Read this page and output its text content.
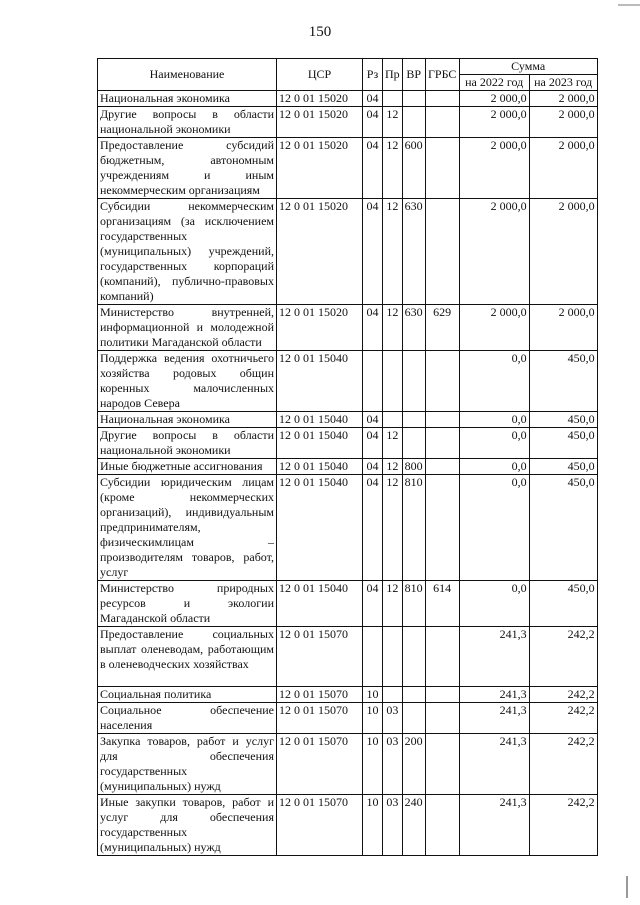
150
Наименование	ЦСР	Рз	Пр	ВР	ГРБС	Сумма	
						на 2022 год	на 2023 год
Национальная экономика	12 0 01 15020	04				2 000,0	2 000,0
Другие вопросы в области национальной экономики	12 0 01 15020	04	12			2 000,0	2 000,0
Предоставление субсидий бюджетным, автономным учреждениям и иным некоммерческим организациям	12 0 01 15020	04	12	600		2 000,0	2 000,0
Субсидии некоммерческим организациям (за исключением государственных (муниципальных) учреждений, государственных корпораций (компаний), публично-правовых компаний)	12 0 01 15020	04	12	630		2 000,0	2 000,0
Министерство внутренней, информационной и молодежной политики Магаданской области	12 0 01 15020	04	12	630	629	2 000,0	2 000,0
Поддержка ведения охотничьего хозяйства родовых общин коренных малочисленных народов Севера	12 0 01 15040					0,0	450,0
Национальная экономика	12 0 01 15040	04				0,0	450,0
Другие вопросы в области национальной экономики	12 0 01 15040	04	12			0,0	450,0
Иные бюджетные ассигнования	12 0 01 15040	04	12	800		0,0	450,0
Субсидии юридическим лицам (кроме некоммерческих организаций), индивидуальным предпринимателям, физическимлицам – производителям товаров, работ, услуг	12 0 01 15040	04	12	810		0,0	450,0
Министерство природных ресурсов и экологии Магаданской области	12 0 01 15040	04	12	810	614	0,0	450,0
Предоставление социальных выплат оленеводам, работающим в оленеводческих хозяйствах	12 0 01 15070					241,3	242,2
Социальная политика	12 0 01 15070	10				241,3	242,2
Социальное обеспечение населения	12 0 01 15070	10	03			241,3	242,2
Закупка товаров, работ и услуг для обеспечения государственных (муниципальных) нужд	12 0 01 15070	10	03	200		241,3	242,2
Иные закупки товаров, работ и услуг для обеспечения государственных (муниципальных) нужд	12 0 01 15070	10	03	240		241,3	242,2
